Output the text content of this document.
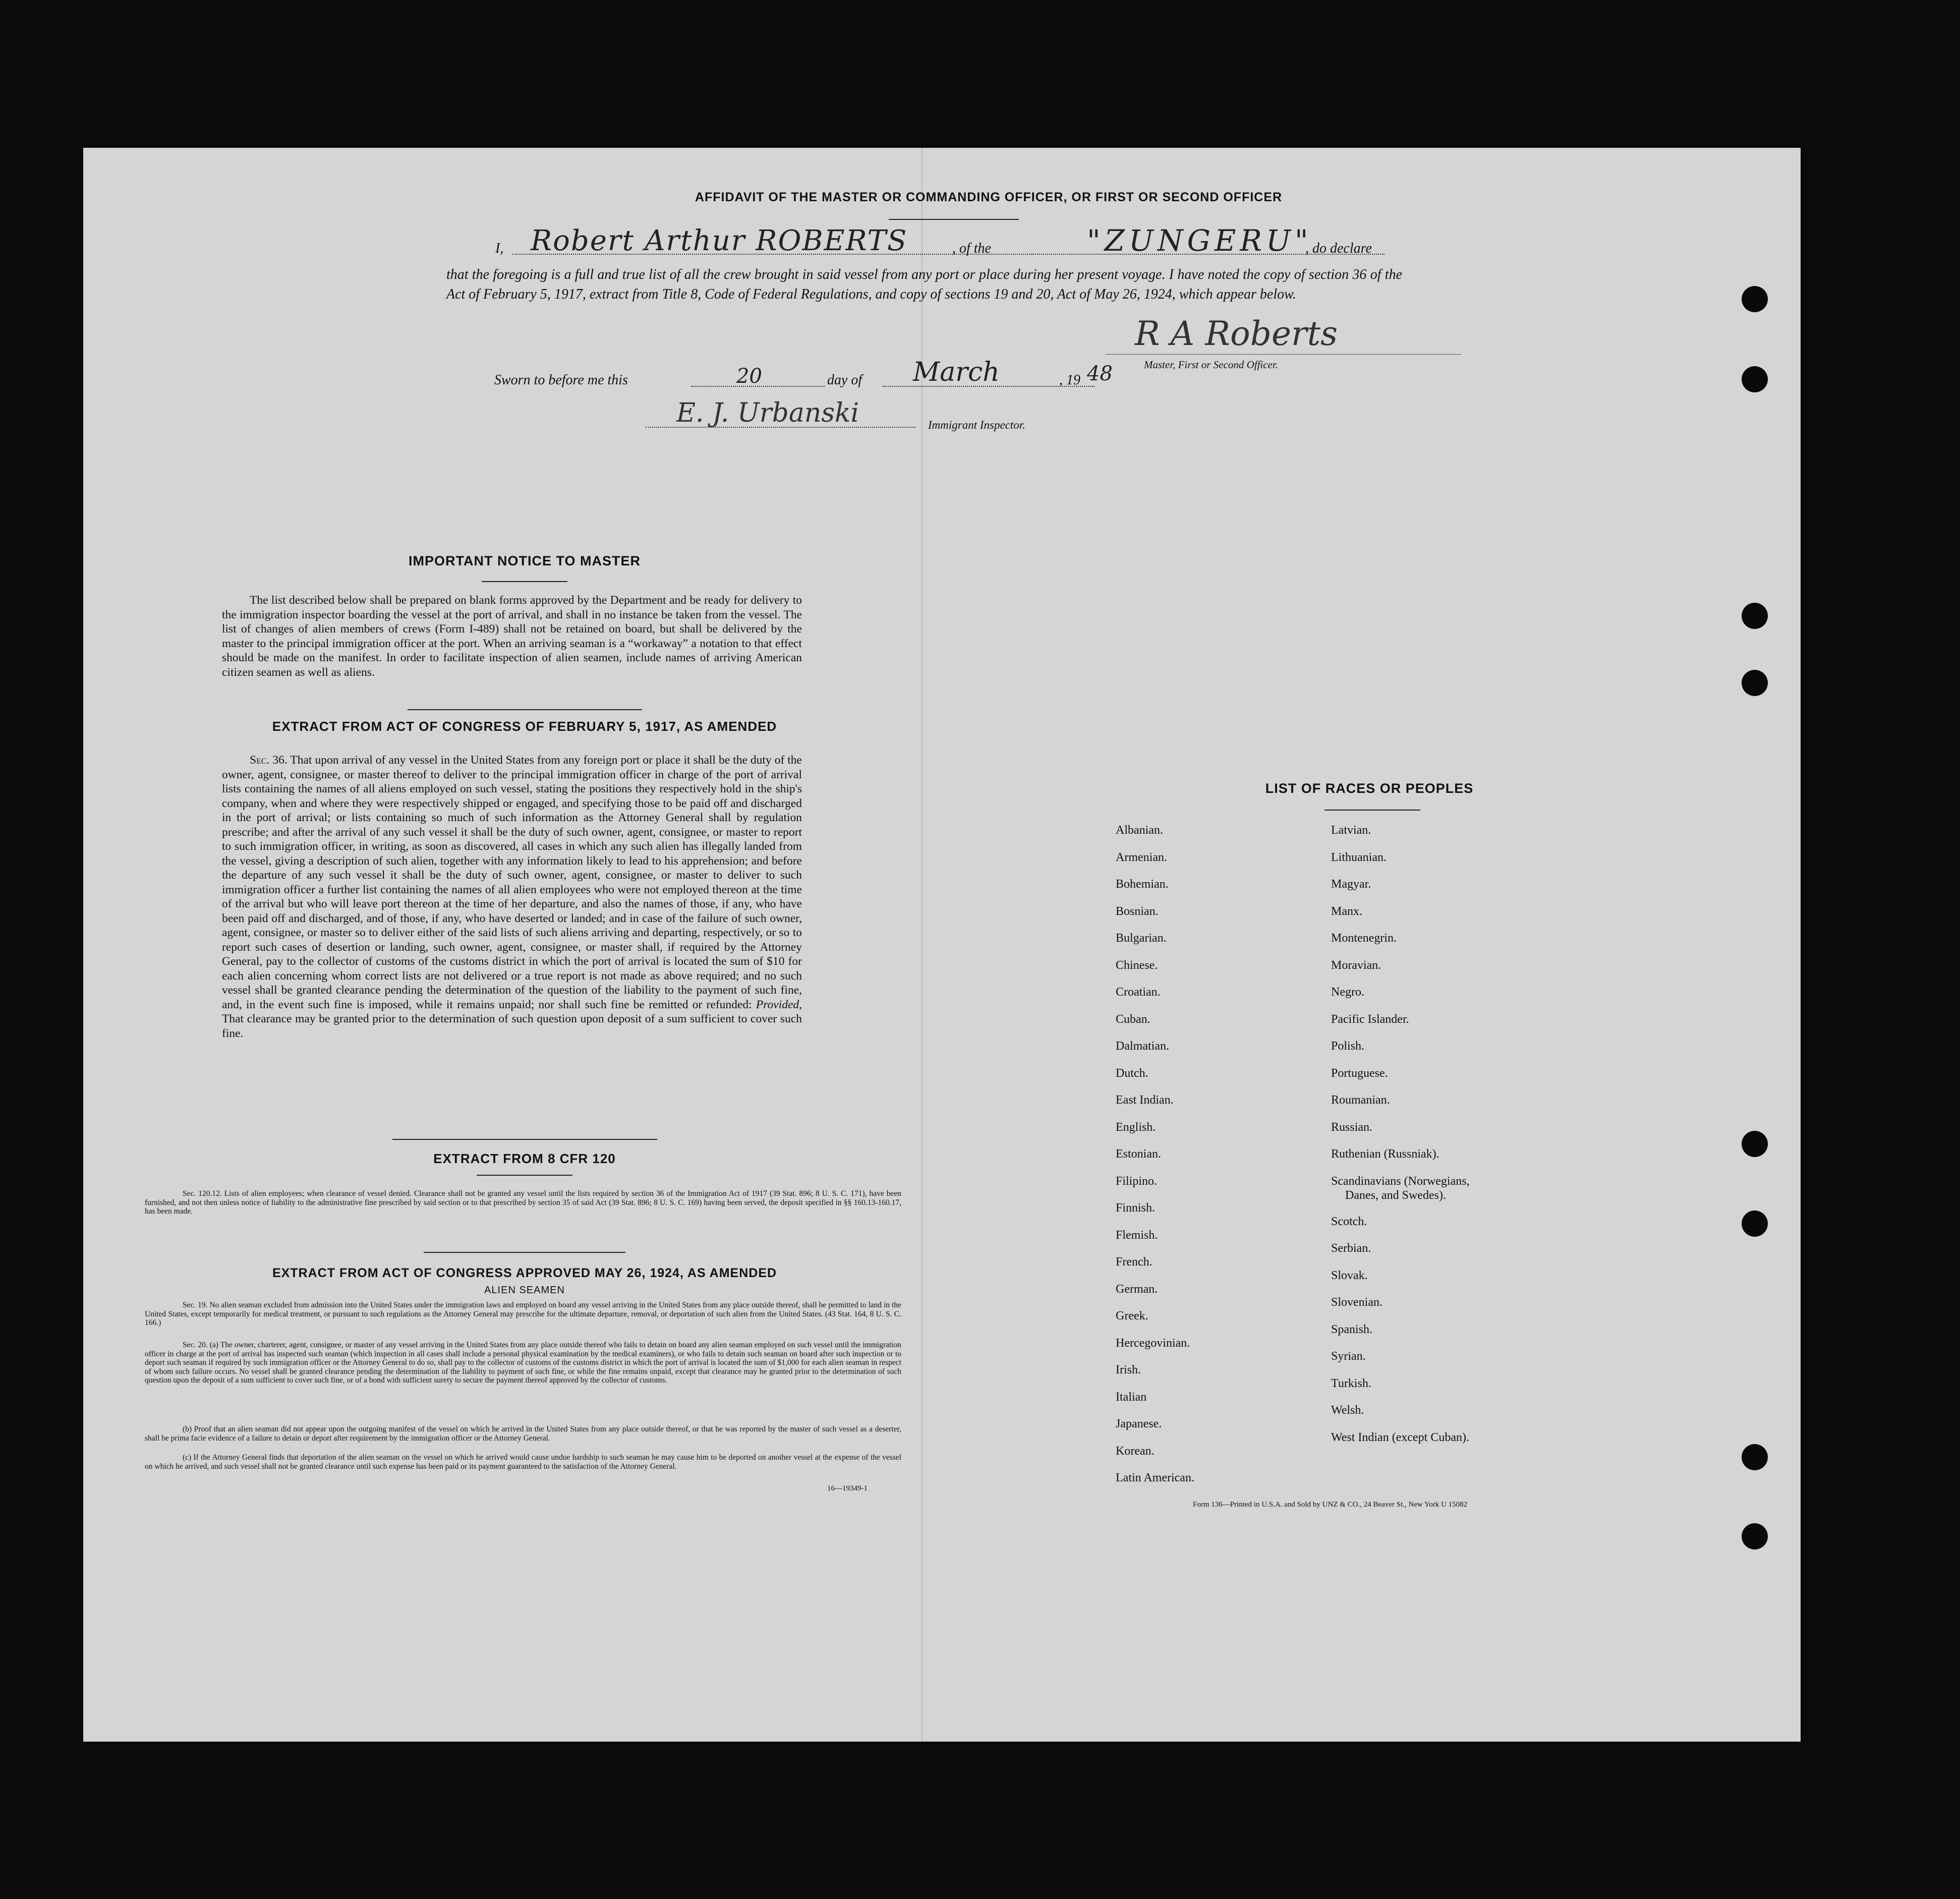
AFFIDAVIT OF THE MASTER OR COMMANDING OFFICER, OR FIRST OR SECOND OFFICER
I, Robert Arthur ROBERTS	, of the	"ZUNGERU"
, do declare
that the foregoing is a full and true list of all the crew brought in said vessel from any port or place during her present voyage. I have noted the copy of section 36 of the Act of February 5, 1917, extract from Title 8, Code of Federal Regulations, and copy of sections 19 and 20, Act of May 26, 1924, which appear below.
R A Roberts
Master, First or Second Officer.
Sworn to before me this	20	day of March	, 19 48
E. J. Urbanski	Immigrant Inspector.
IMPORTANT NOTICE TO MASTER
The list described below shall be prepared on blank forms approved by the Department and be ready for delivery to the immigration inspector boarding the vessel at the port of arrival, and shall in no instance be taken from the vessel. The list of changes of alien members of crews (Form I-489) shall not be retained on board, but shall be delivered by the master to the principal immigration officer at the port. When an arriving seaman is a “workaway” a notation to that effect should be made on the manifest. In order to facilitate inspection of alien seamen, include names of arriving American citizen seamen as well as aliens.
EXTRACT FROM ACT OF CONGRESS OF FEBRUARY 5, 1917, AS AMENDED
Sec. 36. That upon arrival of any vessel in the United States from any foreign port or place it shall be the duty of the owner, agent, consignee, or master thereof to deliver to the principal immigration officer in charge of the port of arrival lists containing the names of all aliens employed on such vessel, stating the positions they respectively hold in the ship's company, when and where they were respectively shipped or engaged, and specifying those to be paid off and discharged in the port of arrival; or lists containing so much of such information as the Attorney General shall by regulation prescribe; and after the arrival of any such vessel it shall be the duty of such owner, agent, consignee, or master to report to such immigration officer, in writing, as soon as discovered, all cases in which any such alien has illegally landed from the vessel, giving a description of such alien, together with any information likely to lead to his apprehension; and before the departure of any such vessel it shall be the duty of such owner, agent, consignee, or master to deliver to such immigration officer a further list containing the names of all alien employees who were not employed thereon at the time of the arrival but who will leave port thereon at the time of her departure, and also the names of those, if any, who have been paid off and discharged, and of those, if any, who have deserted or landed; and in case of the failure of such owner, agent, consignee, or master so to deliver either of the said lists of such aliens arriving and departing, respectively, or so to report such cases of desertion or landing, such owner, agent, consignee, or master shall, if required by the Attorney General, pay to the collector of customs of the customs district in which the port of arrival is located the sum of $10 for each alien concerning whom correct lists are not delivered or a true report is not made as above required; and no such vessel shall be granted clearance pending the determination of the question of the liability to the payment of such fine, and, in the event such fine is imposed, while it remains unpaid; nor shall such fine be remitted or refunded: Provided, That clearance may be granted prior to the determination of such question upon deposit of a sum sufficient to cover such fine.
EXTRACT FROM 8 CFR 120
Sec. 120.12. Lists of alien employees; when clearance of vessel denied. Clearance shall not be granted any vessel until the lists required by section 36 of the Immigration Act of 1917 (39 Stat. 896; 8 U. S. C. 171), have been furnished, and not then unless notice of liability to the administrative fine prescribed by said section or to that prescribed by section 35 of said Act (39 Stat. 896; 8 U. S. C. 169) having been served, the deposit specified in §§ 160.13-160.17, has been made.
EXTRACT FROM ACT OF CONGRESS APPROVED MAY 26, 1924, AS AMENDED
ALIEN SEAMEN
Sec. 19. No alien seaman excluded from admission into the United States under the immigration laws and employed on board any vessel arriving in the United States from any place outside thereof, shall be permitted to land in the United States, except temporarily for medical treatment, or pursuant to such regulations as the Attorney General may prescribe for the ultimate departure, removal, or deportation of such alien from the United States. (43 Stat. 164, 8 U. S. C. 166.)
Sec. 20. (a) The owner, charterer, agent, consignee, or master of any vessel arriving in the United States from any place outside thereof who fails to detain on board any alien seaman employed on such vessel until the immigration officer in charge at the port of arrival has inspected such seaman (which inspection in all cases shall include a personal physical examination by the medical examiners), or who fails to detain such seaman on board after such inspection or to deport such seaman if required by such immigration officer or the Attorney General to do so, shall pay to the collector of customs of the customs district in which the port of arrival is located the sum of $1,000 for each alien seaman in respect of whom such failure occurs. No vessel shall be granted clearance pending the determination of the liability to payment of such fine, or while the fine remains unpaid, except that clearance may be granted prior to the determination of such question upon the deposit of a sum sufficient to cover such fine, or of a bond with sufficient surety to secure the payment thereof approved by the collector of customs.
(b) Proof that an alien seaman did not appear upon the outgoing manifest of the vessel on which he arrived in the United States from any place outside thereof, or that he was reported by the master of such vessel as a deserter, shall be prima facie evidence of a failure to detain or deport after requirement by the immigration officer or the Attorney General.
(c) If the Attorney General finds that deportation of the alien seaman on the vessel on which he arrived would cause undue hardship to such seaman he may cause him to be deported on another vessel at the expense of the vessel on which he arrived, and such vessel shall not be granted clearance until such expense has been paid or its payment guaranteed to the satisfaction of the Attorney General.
16—19349-1
LIST OF RACES OR PEOPLES
Albanian.
Armenian.
Bohemian.
Bosnian.
Bulgarian.
Chinese.
Croatian.
Cuban.
Dalmatian.
Dutch.
East Indian.
English.
Estonian.
Filipino.
Finnish.
Flemish.
French.
German.
Greek.
Hercegovinian.
Irish.
Italian
Japanese.
Korean.
Latin American.
Latvian.
Lithuanian.
Magyar.
Manx.
Montenegrin.
Moravian.
Negro.
Pacific Islander.
Polish.
Portuguese.
Roumanian.
Russian.
Ruthenian (Russniak).
Scandinavians (Norwegians,
Danes, and Swedes).
Scotch.
Serbian.
Slovak.
Slovenian.
Spanish.
Syrian.
Turkish.
Welsh.
West Indian (except Cuban).
Form 136—Printed in U.S.A. and Sold by UNZ & CO., 24 Beaver St., New York U 15082
